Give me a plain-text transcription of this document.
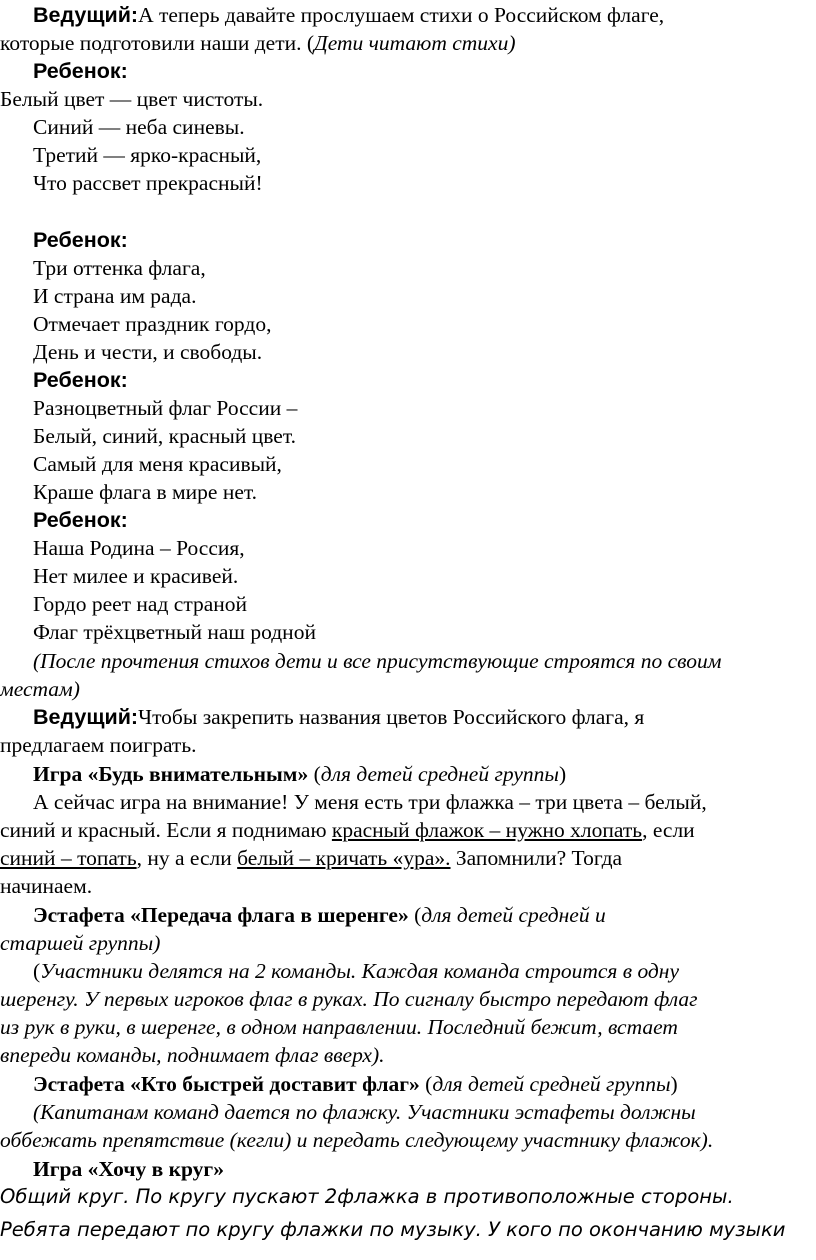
Ведущий:А теперь давайте прослушаем стихи о Российском флаге,
которые подготовили наши дети. (Дети читают стихи)
Ребенок:
Белый цвет — цвет чистоты.
Синий — неба синевы.
Третий — ярко-красный,
Что рассвет прекрасный!
Ребенок:
Три оттенка флага,
И страна им рада.
Отмечает праздник гордо,
День и чести, и свободы.
Ребенок:
Разноцветный флаг России –
Белый, синий, красный цвет.
Самый для меня красивый,
Краше флага в мире нет.
Ребенок:
Наша Родина – Россия,
Нет милее и красивей.
Гордо реет над страной
Флаг трёхцветный наш родной
(После прочтения стихов дети и все присутствующие строятся по своим
местам)
Ведущий:Чтобы закрепить названия цветов Российского флага, я
предлагаем поиграть.
Игра «Будь внимательным» (для детей средней группы)
А сейчас игра на внимание! У меня есть три флажка – три цвета – белый,
синий и красный. Если я поднимаю красный флажок – нужно хлопать, если
синий – топать, ну а если белый – кричать «ура». Запомнили? Тогда
начинаем.
Эстафета «Передача флага в шеренге» (для детей средней и
старшей группы)
(Участники делятся на 2 команды. Каждая команда строится в одну
шеренгу. У первых игроков флаг в руках. По сигналу быстро передают флаг
из рук в руки, в шеренге, в одном направлении. Последний бежит, встает
впереди команды, поднимает флаг вверх).
Эстафета «Кто быстрей доставит флаг» (для детей средней группы)
(Капитанам команд дается по флажку. Участники эстафеты должны
оббежать препятствие (кегли) и передать следующему участнику флажок).
Игра «Хочу в круг»
Общий круг. По кругу пускают 2флажка в противоположные стороны.
Ребята передают по кругу флажки по музыку. У кого по окончанию музыки
